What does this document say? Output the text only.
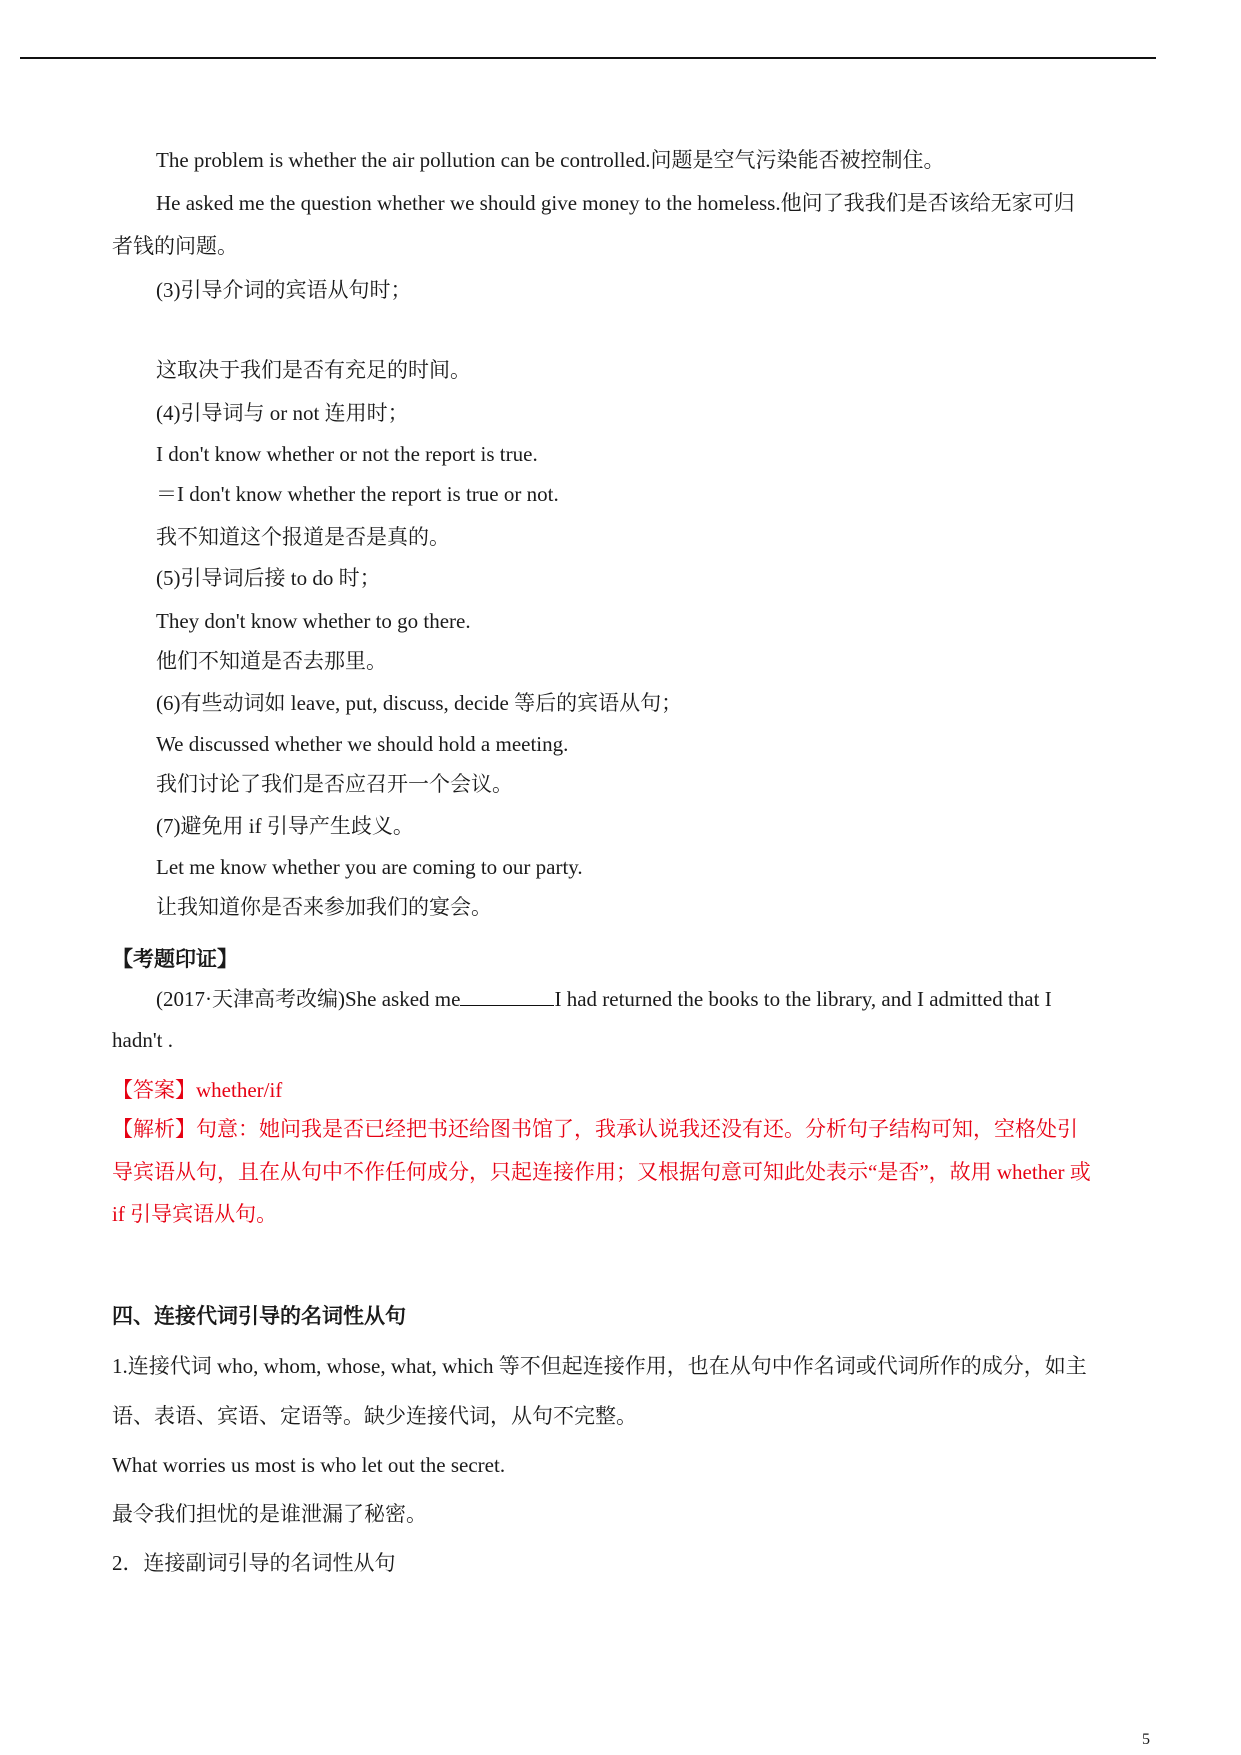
The problem is whether the air pollution can be controlled.问题是空气污染能否被控制住。
He asked me the question whether we should give money to the homeless.他问了我我们是否该给无家可归
者钱的问题。
(3)引导介词的宾语从句时；
这取决于我们是否有充足的时间。
(4)引导词与 or not 连用时；
I don't know whether or not the report is true.
＝I don't know whether the report is true or not.
我不知道这个报道是否是真的。
(5)引导词后接 to do 时；
They don't know whether to go there.
他们不知道是否去那里。
(6)有些动词如 leave, put, discuss, decide 等后的宾语从句；
We discussed whether we should hold a meeting.
我们讨论了我们是否应召开一个会议。
(7)避免用 if 引导产生歧义。
Let me know whether you are coming to our party.
让我知道你是否来参加我们的宴会。
【考题印证】
(2017·天津高考改编)She asked me	I had returned the books to the library, and I admitted that I
hadn't .
【答案】whether/if
【解析】句意：她问我是否已经把书还给图书馆了，我承认说我还没有还。分析句子结构可知，空格处引
导宾语从句，且在从句中不作任何成分，只起连接作用；又根据句意可知此处表示“是否”，故用 whether 或
if 引导宾语从句。
四、连接代词引导的名词性从句
1.连接代词 who, whom, whose, what, which 等不但起连接作用，也在从句中作名词或代词所作的成分，如主
语、表语、宾语、定语等。缺少连接代词，从句不完整。
What worries us most is who let out the secret.
最令我们担忧的是谁泄漏了秘密。
2．连接副词引导的名词性从句
5
